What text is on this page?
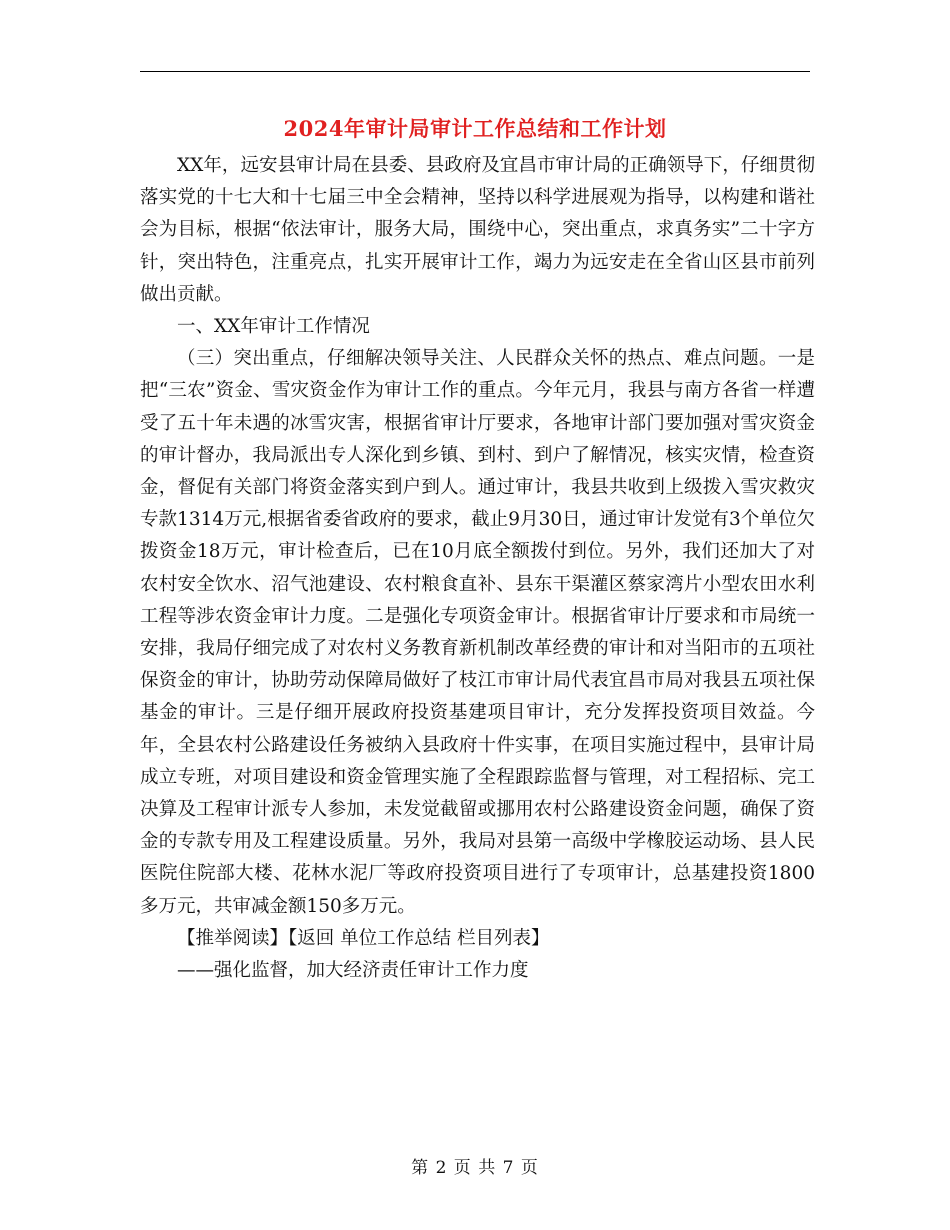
2024年审计局审计工作总结和工作计划

XX年，远安县审计局在县委、县政府及宜昌市审计局的正确领导下，仔细贯彻落实党的十七大和十七届三中全会精神，坚持以科学进展观为指导，以构建和谐社会为目标，根据“依法审计，服务大局，围绕中心，突出重点，求真务实”二十字方针，突出特色，注重亮点，扎实开展审计工作，竭力为远安走在全省山区县市前列做出贡献。

一、XX年审计工作情况

（三）突出重点，仔细解决领导关注、人民群众关怀的热点、难点问题。一是把“三农”资金、雪灾资金作为审计工作的重点。今年元月，我县与南方各省一样遭受了五十年未遇的冰雪灾害，根据省审计厅要求，各地审计部门要加强对雪灾资金的审计督办，我局派出专人深化到乡镇、到村、到户了解情况，核实灾情，检查资金，督促有关部门将资金落实到户到人。通过审计，我县共收到上级拨入雪灾救灾专款1314万元,根据省委省政府的要求，截止9月30日，通过审计发觉有3个单位欠拨资金18万元，审计检查后，已在10月底全额拨付到位。另外，我们还加大了对农村安全饮水、沼气池建设、农村粮食直补、县东干渠灌区蔡家湾片小型农田水利工程等涉农资金审计力度。二是强化专项资金审计。根据省审计厅要求和市局统一安排，我局仔细完成了对农村义务教育新机制改革经费的审计和对当阳市的五项社保资金的审计，协助劳动保障局做好了枝江市审计局代表宜昌市局对我县五项社保基金的审计。三是仔细开展政府投资基建项目审计，充分发挥投资项目效益。今年，全县农村公路建设任务被纳入县政府十件实事，在项目实施过程中，县审计局成立专班，对项目建设和资金管理实施了全程跟踪监督与管理，对工程招标、完工决算及工程审计派专人参加，未发觉截留或挪用农村公路建设资金问题，确保了资金的专款专用及工程建设质量。另外，我局对县第一高级中学橡胶运动场、县人民医院住院部大楼、花林水泥厂等政府投资项目进行了专项审计，总基建投资1800多万元，共审减金额150多万元。

【推举阅读】【返回 单位工作总结 栏目列表】

——强化监督，加大经济责任审计工作力度

第 2 页 共 7 页
